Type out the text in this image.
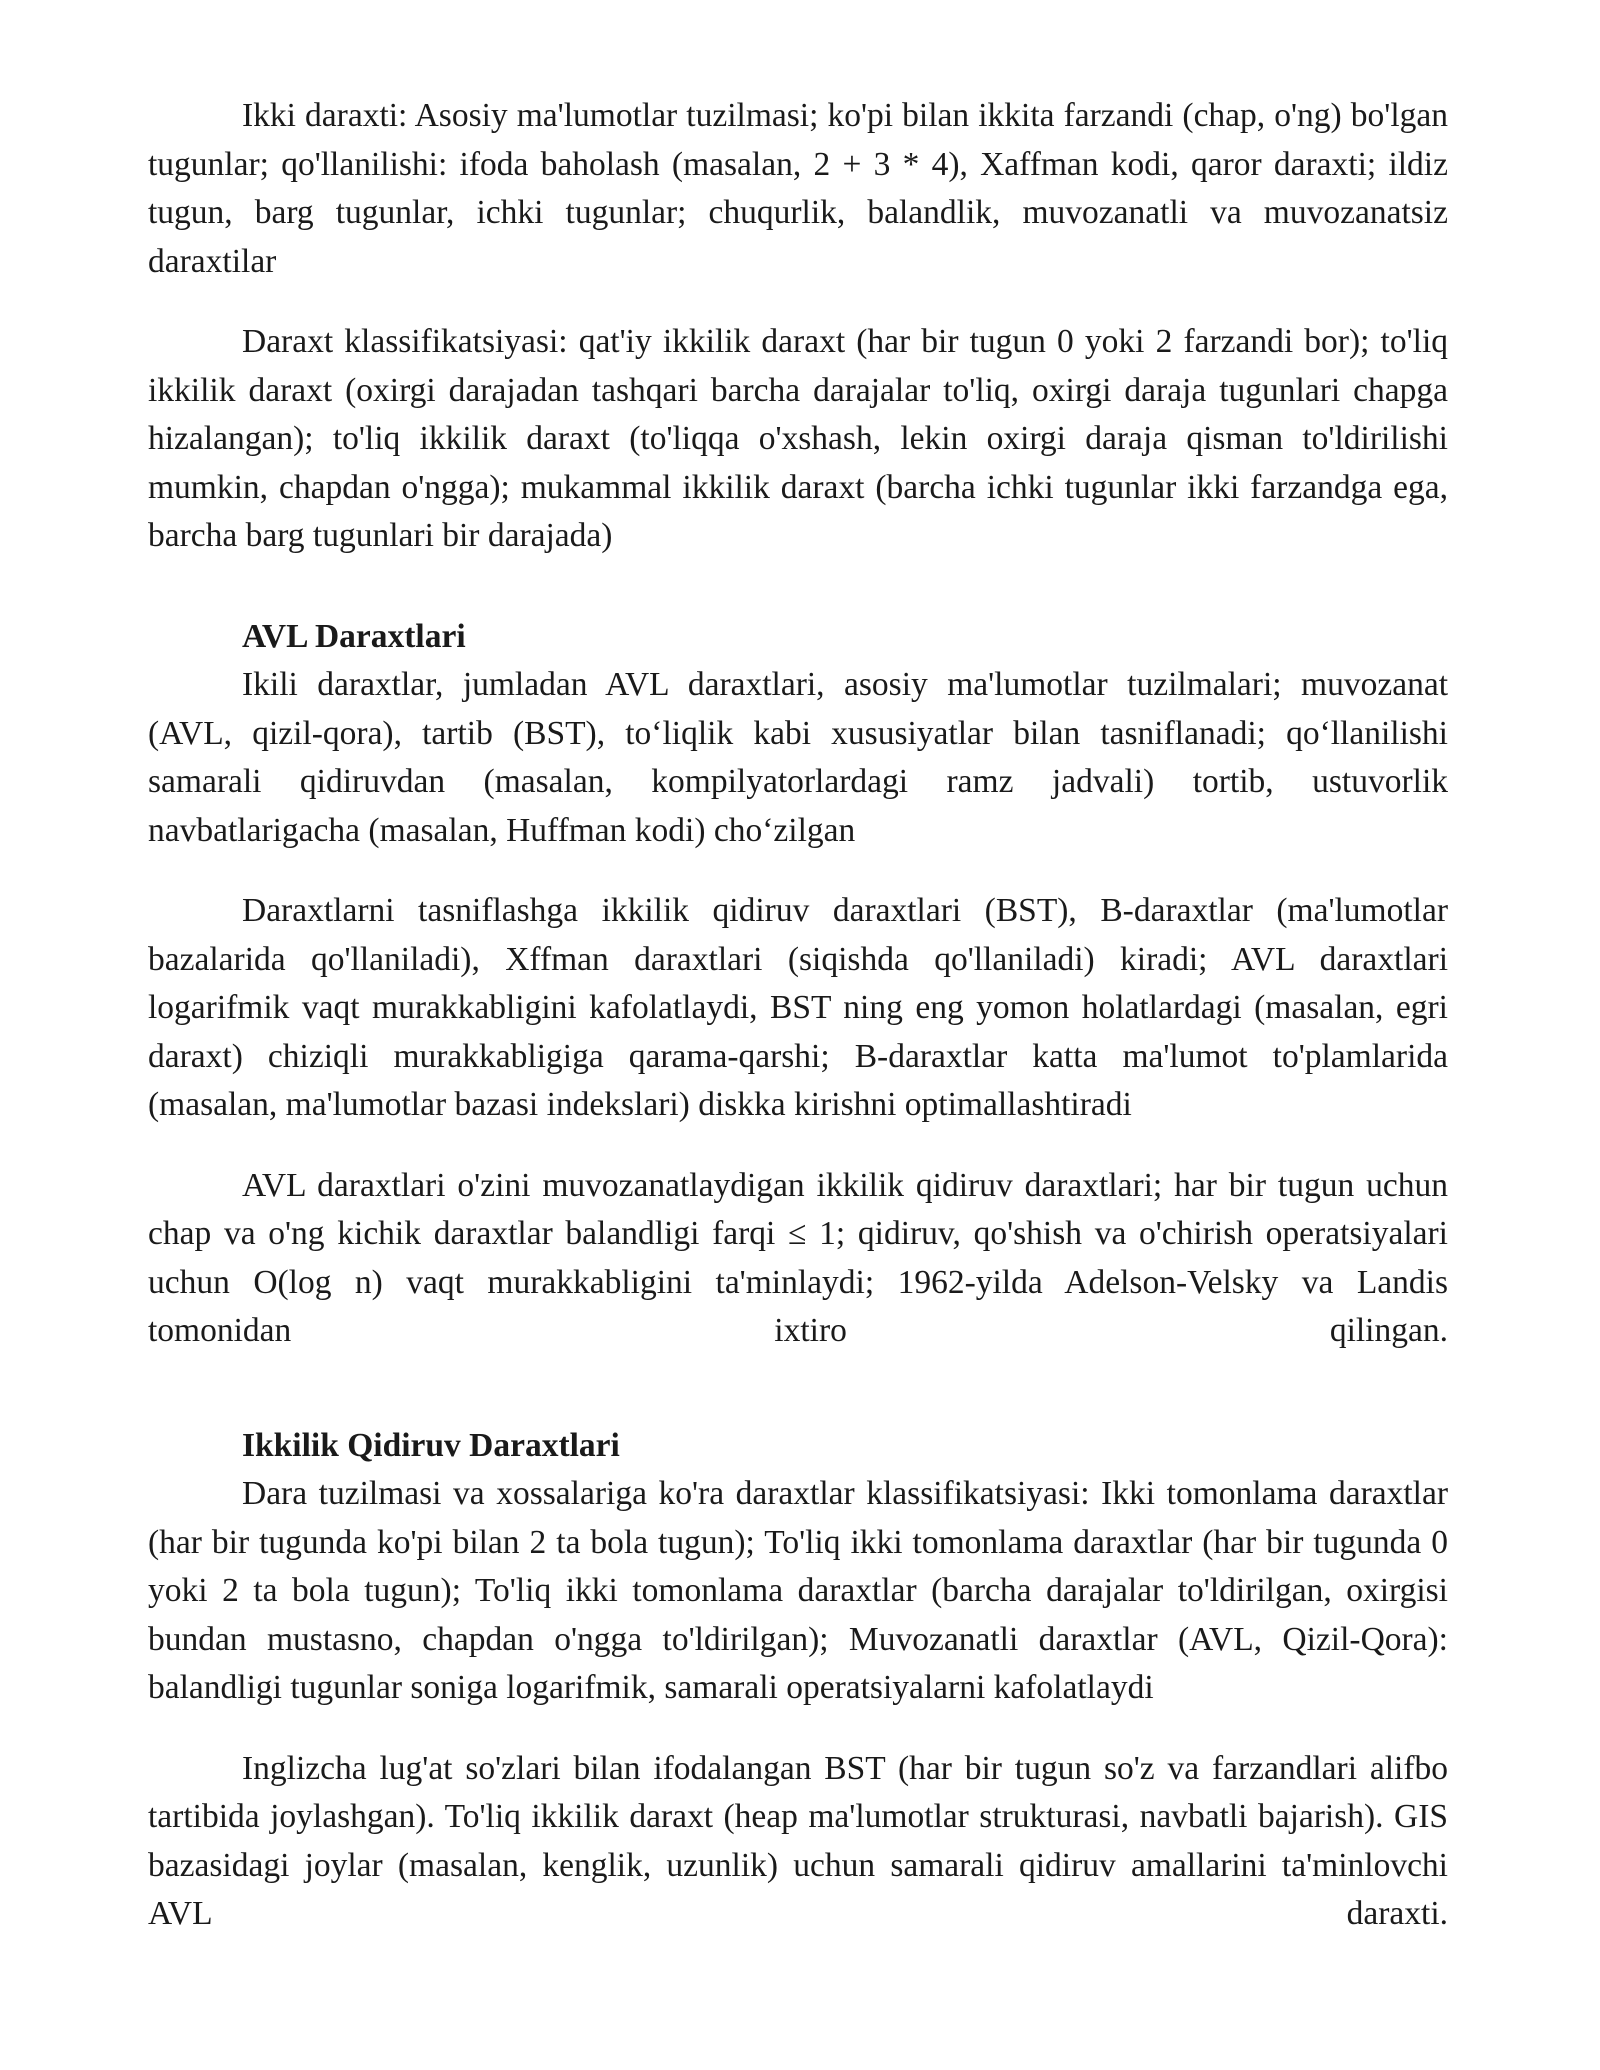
Ikki daraxti: Asosiy ma'lumotlar tuzilmasi; ko'pi bilan ikkita farzandi (chap, o'ng) bo'lgan tugunlar; qo'llanilishi: ifoda baholash (masalan, 2 + 3 * 4), Xaffman kodi, qaror daraxti; ildiz tugun, barg tugunlar, ichki tugunlar; chuqurlik, balandlik, muvozanatli va muvozanatsiz daraxtilar

Daraxt klassifikatsiyasi: qat'iy ikkilik daraxt (har bir tugun 0 yoki 2 farzandi bor); to'liq ikkilik daraxt (oxirgi darajadan tashqari barcha darajalar to'liq, oxirgi daraja tugunlari chapga hizalangan); to'liq ikkilik daraxt (to'liqqa o'xshash, lekin oxirgi daraja qisman to'ldirilishi mumkin, chapdan o'ngga); mukammal ikkilik daraxt (barcha ichki tugunlar ikki farzandga ega, barcha barg tugunlari bir darajada)

AVL Daraxtlari

Ikili daraxtlar, jumladan AVL daraxtlari, asosiy ma'lumotlar tuzilmalari; muvozanat (AVL, qizil-qora), tartib (BST), to‘liqlik kabi xususiyatlar bilan tasniflanadi; qo‘llanilishi samarali qidiruvdan (masalan, kompilyatorlardagi ramz jadvali) tortib, ustuvorlik navbatlarigacha (masalan, Huffman kodi) cho‘zilgan

Daraxtlarni tasniflashga ikkilik qidiruv daraxtlari (BST), B-daraxtlar (ma'lumotlar bazalarida qo'llaniladi), Xffman daraxtlari (siqishda qo'llaniladi) kiradi; AVL daraxtlari logarifmik vaqt murakkabligini kafolatlaydi, BST ning eng yomon holatlardagi (masalan, egri daraxt) chiziqli murakkabligiga qarama-qarshi; B-daraxtlar katta ma'lumot to'plamlarida (masalan, ma'lumotlar bazasi indekslari) diskka kirishni optimallashtiradi

AVL daraxtlari o'zini muvozanatlaydigan ikkilik qidiruv daraxtlari; har bir tugun uchun chap va o'ng kichik daraxtlar balandligi farqi ≤ 1; qidiruv, qo'shish va o'chirish operatsiyalari uchun O(log n) vaqt murakkabligini ta'minlaydi; 1962-yilda Adelson-Velsky va Landis tomonidan ixtiro qilingan.

Ikkilik Qidiruv Daraxtlari

Dara tuzilmasi va xossalariga ko'ra daraxtlar klassifikatsiyasi: Ikki tomonlama daraxtlar (har bir tugunda ko'pi bilan 2 ta bola tugun); To'liq ikki tomonlama daraxtlar (har bir tugunda 0 yoki 2 ta bola tugun); To'liq ikki tomonlama daraxtlar (barcha darajalar to'ldirilgan, oxirgisi bundan mustasno, chapdan o'ngga to'ldirilgan); Muvozanatli daraxtlar (AVL, Qizil-Qora): balandligi tugunlar soniga logarifmik, samarali operatsiyalarni kafolatlaydi

Inglizcha lug'at so'zlari bilan ifodalangan BST (har bir tugun so'z va farzandlari alifbo tartibida joylashgan). To'liq ikkilik daraxt (heap ma'lumotlar strukturasi, navbatli bajarish). GIS bazasidagi joylar (masalan, kenglik, uzunlik) uchun samarali qidiruv amallarini ta'minlovchi AVL daraxti.
